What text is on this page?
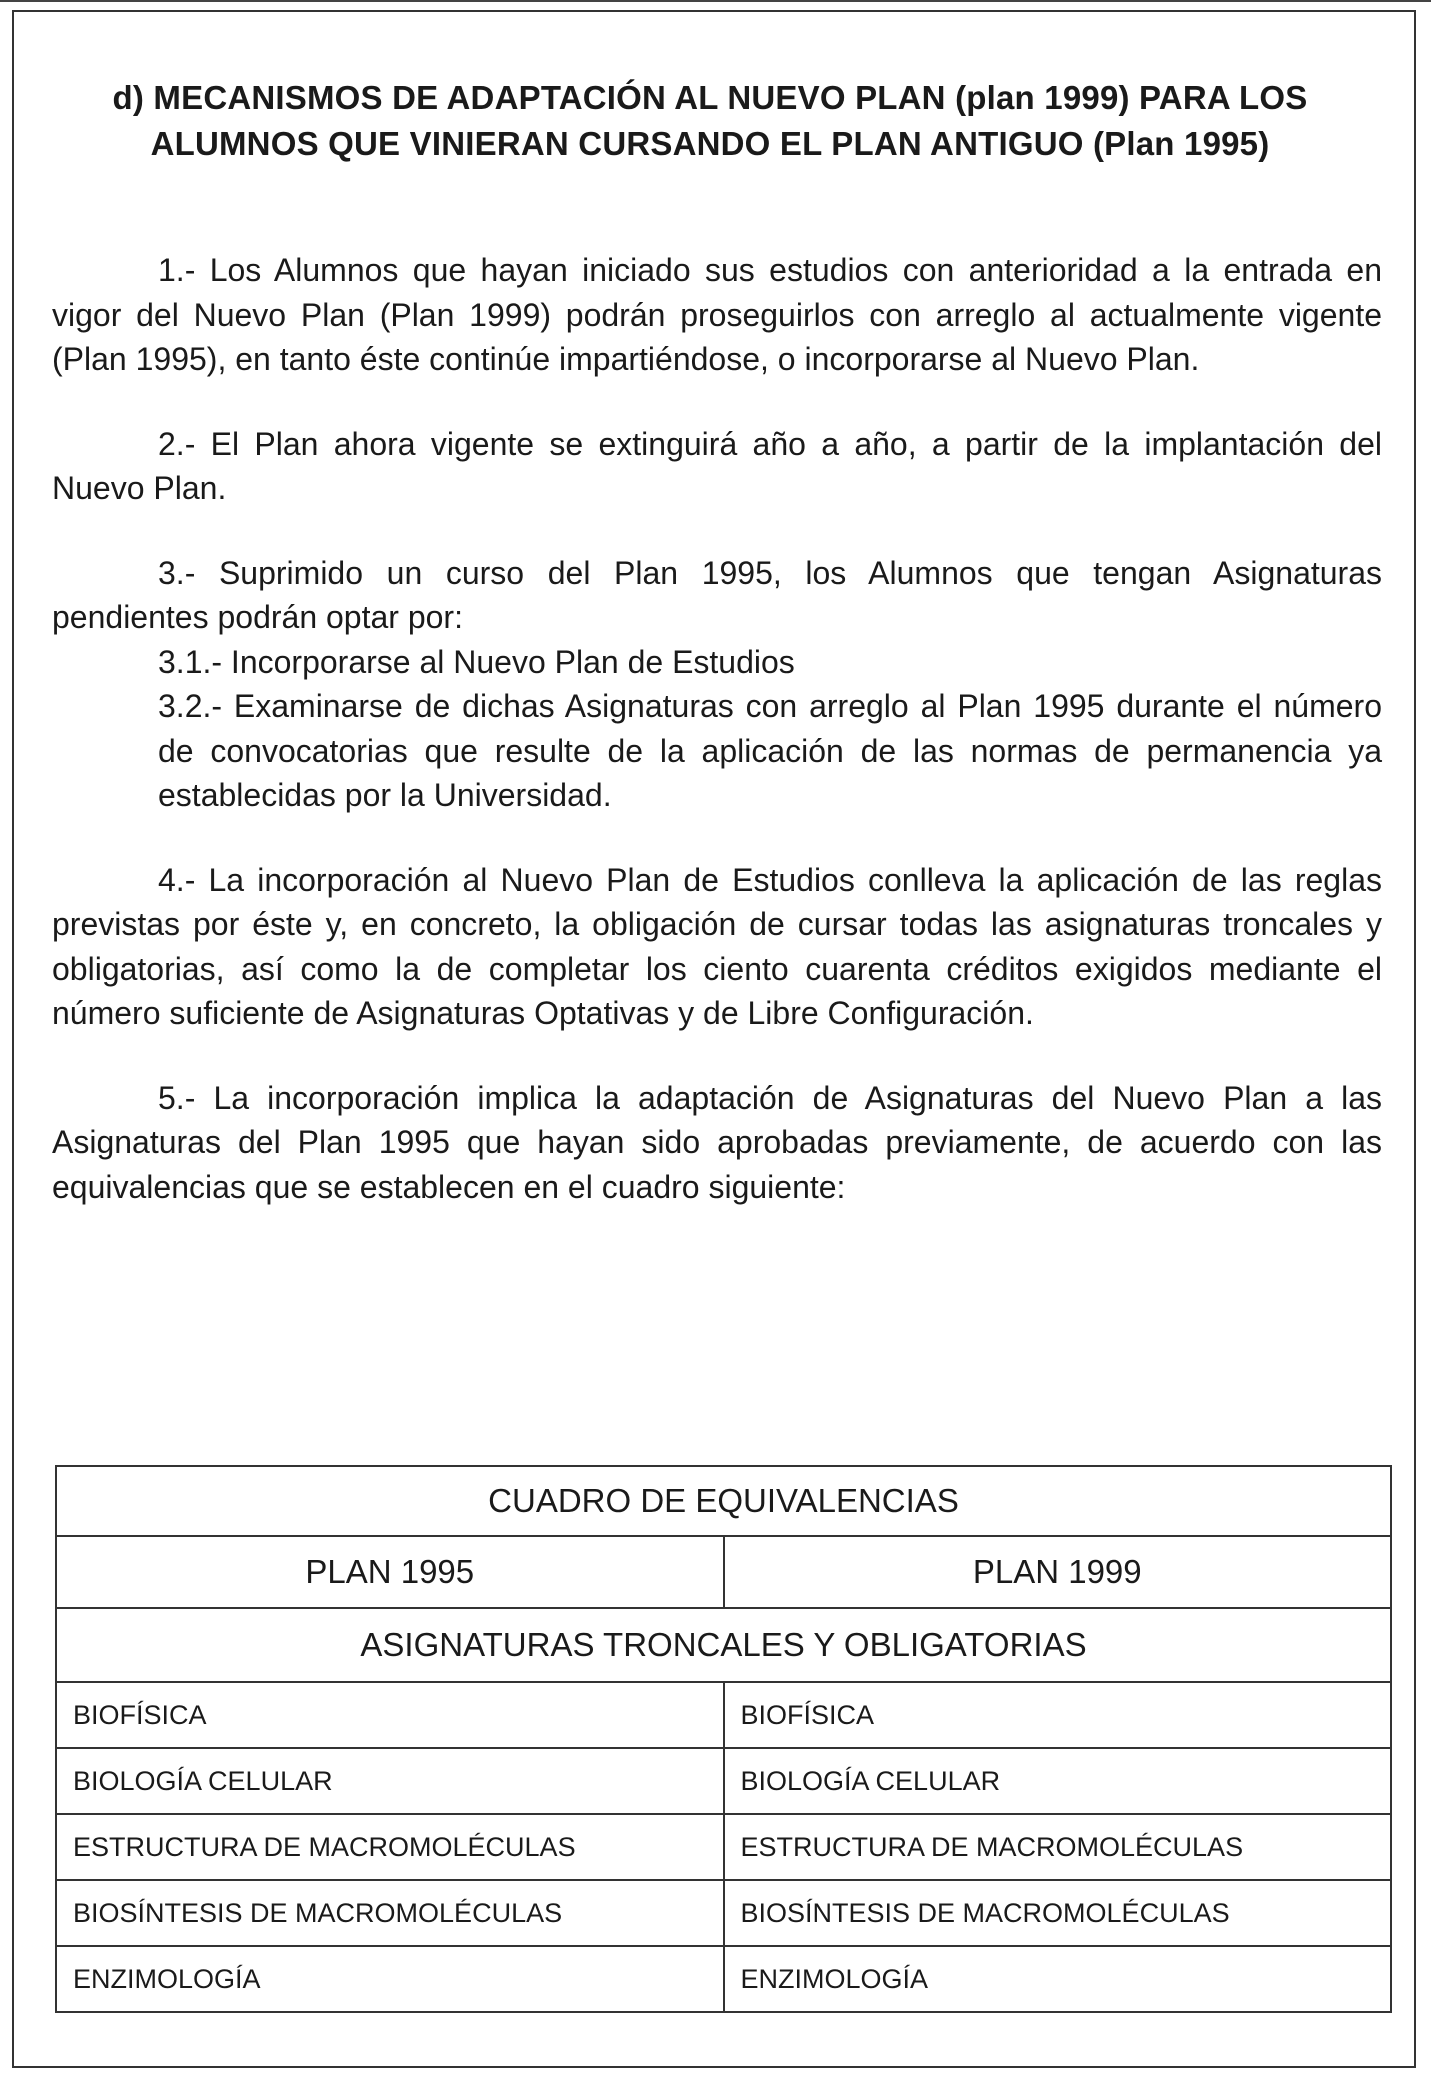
d) MECANISMOS DE ADAPTACIÓN AL NUEVO PLAN (plan 1999) PARA LOS
ALUMNOS QUE VINIERAN CURSANDO EL PLAN ANTIGUO (Plan 1995)

1.- Los Alumnos que hayan iniciado sus estudios con anterioridad a la entrada en vigor del Nuevo Plan (Plan 1999) podrán proseguirlos con arreglo al actualmente vigente (Plan 1995), en tanto éste continúe impartiéndose, o incorporarse al Nuevo Plan.

2.- El Plan ahora vigente se extinguirá año a año, a partir de la implantación del Nuevo Plan.

3.- Suprimido un curso del Plan 1995, los Alumnos que tengan Asignaturas pendientes podrán optar por:

3.1.- Incorporarse al Nuevo Plan de Estudios

3.2.- Examinarse de dichas Asignaturas con arreglo al Plan 1995 durante el número de convocatorias que resulte de la aplicación de las normas de permanencia ya establecidas por la Universidad.

4.- La incorporación al Nuevo Plan de Estudios conlleva la aplicación de las reglas previstas por éste y, en concreto, la obligación de cursar todas las asignaturas troncales y obligatorias, así como la de completar los ciento cuarenta créditos exigidos mediante el número suficiente de Asignaturas Optativas y de Libre Configuración.

5.- La incorporación implica la adaptación de Asignaturas del Nuevo Plan a las Asignaturas del Plan 1995 que hayan sido aprobadas previamente, de acuerdo con las equivalencias que se establecen en el cuadro siguiente:

CUADRO DE EQUIVALENCIAS	
PLAN 1995	PLAN 1999
ASIGNATURAS TRONCALES Y OBLIGATORIAS	
BIOFÍSICA	BIOFÍSICA
BIOLOGÍA CELULAR	BIOLOGÍA CELULAR
ESTRUCTURA DE MACROMOLÉCULAS	ESTRUCTURA DE MACROMOLÉCULAS
BIOSÍNTESIS DE MACROMOLÉCULAS	BIOSÍNTESIS DE MACROMOLÉCULAS
ENZIMOLOGÍA	ENZIMOLOGÍA
